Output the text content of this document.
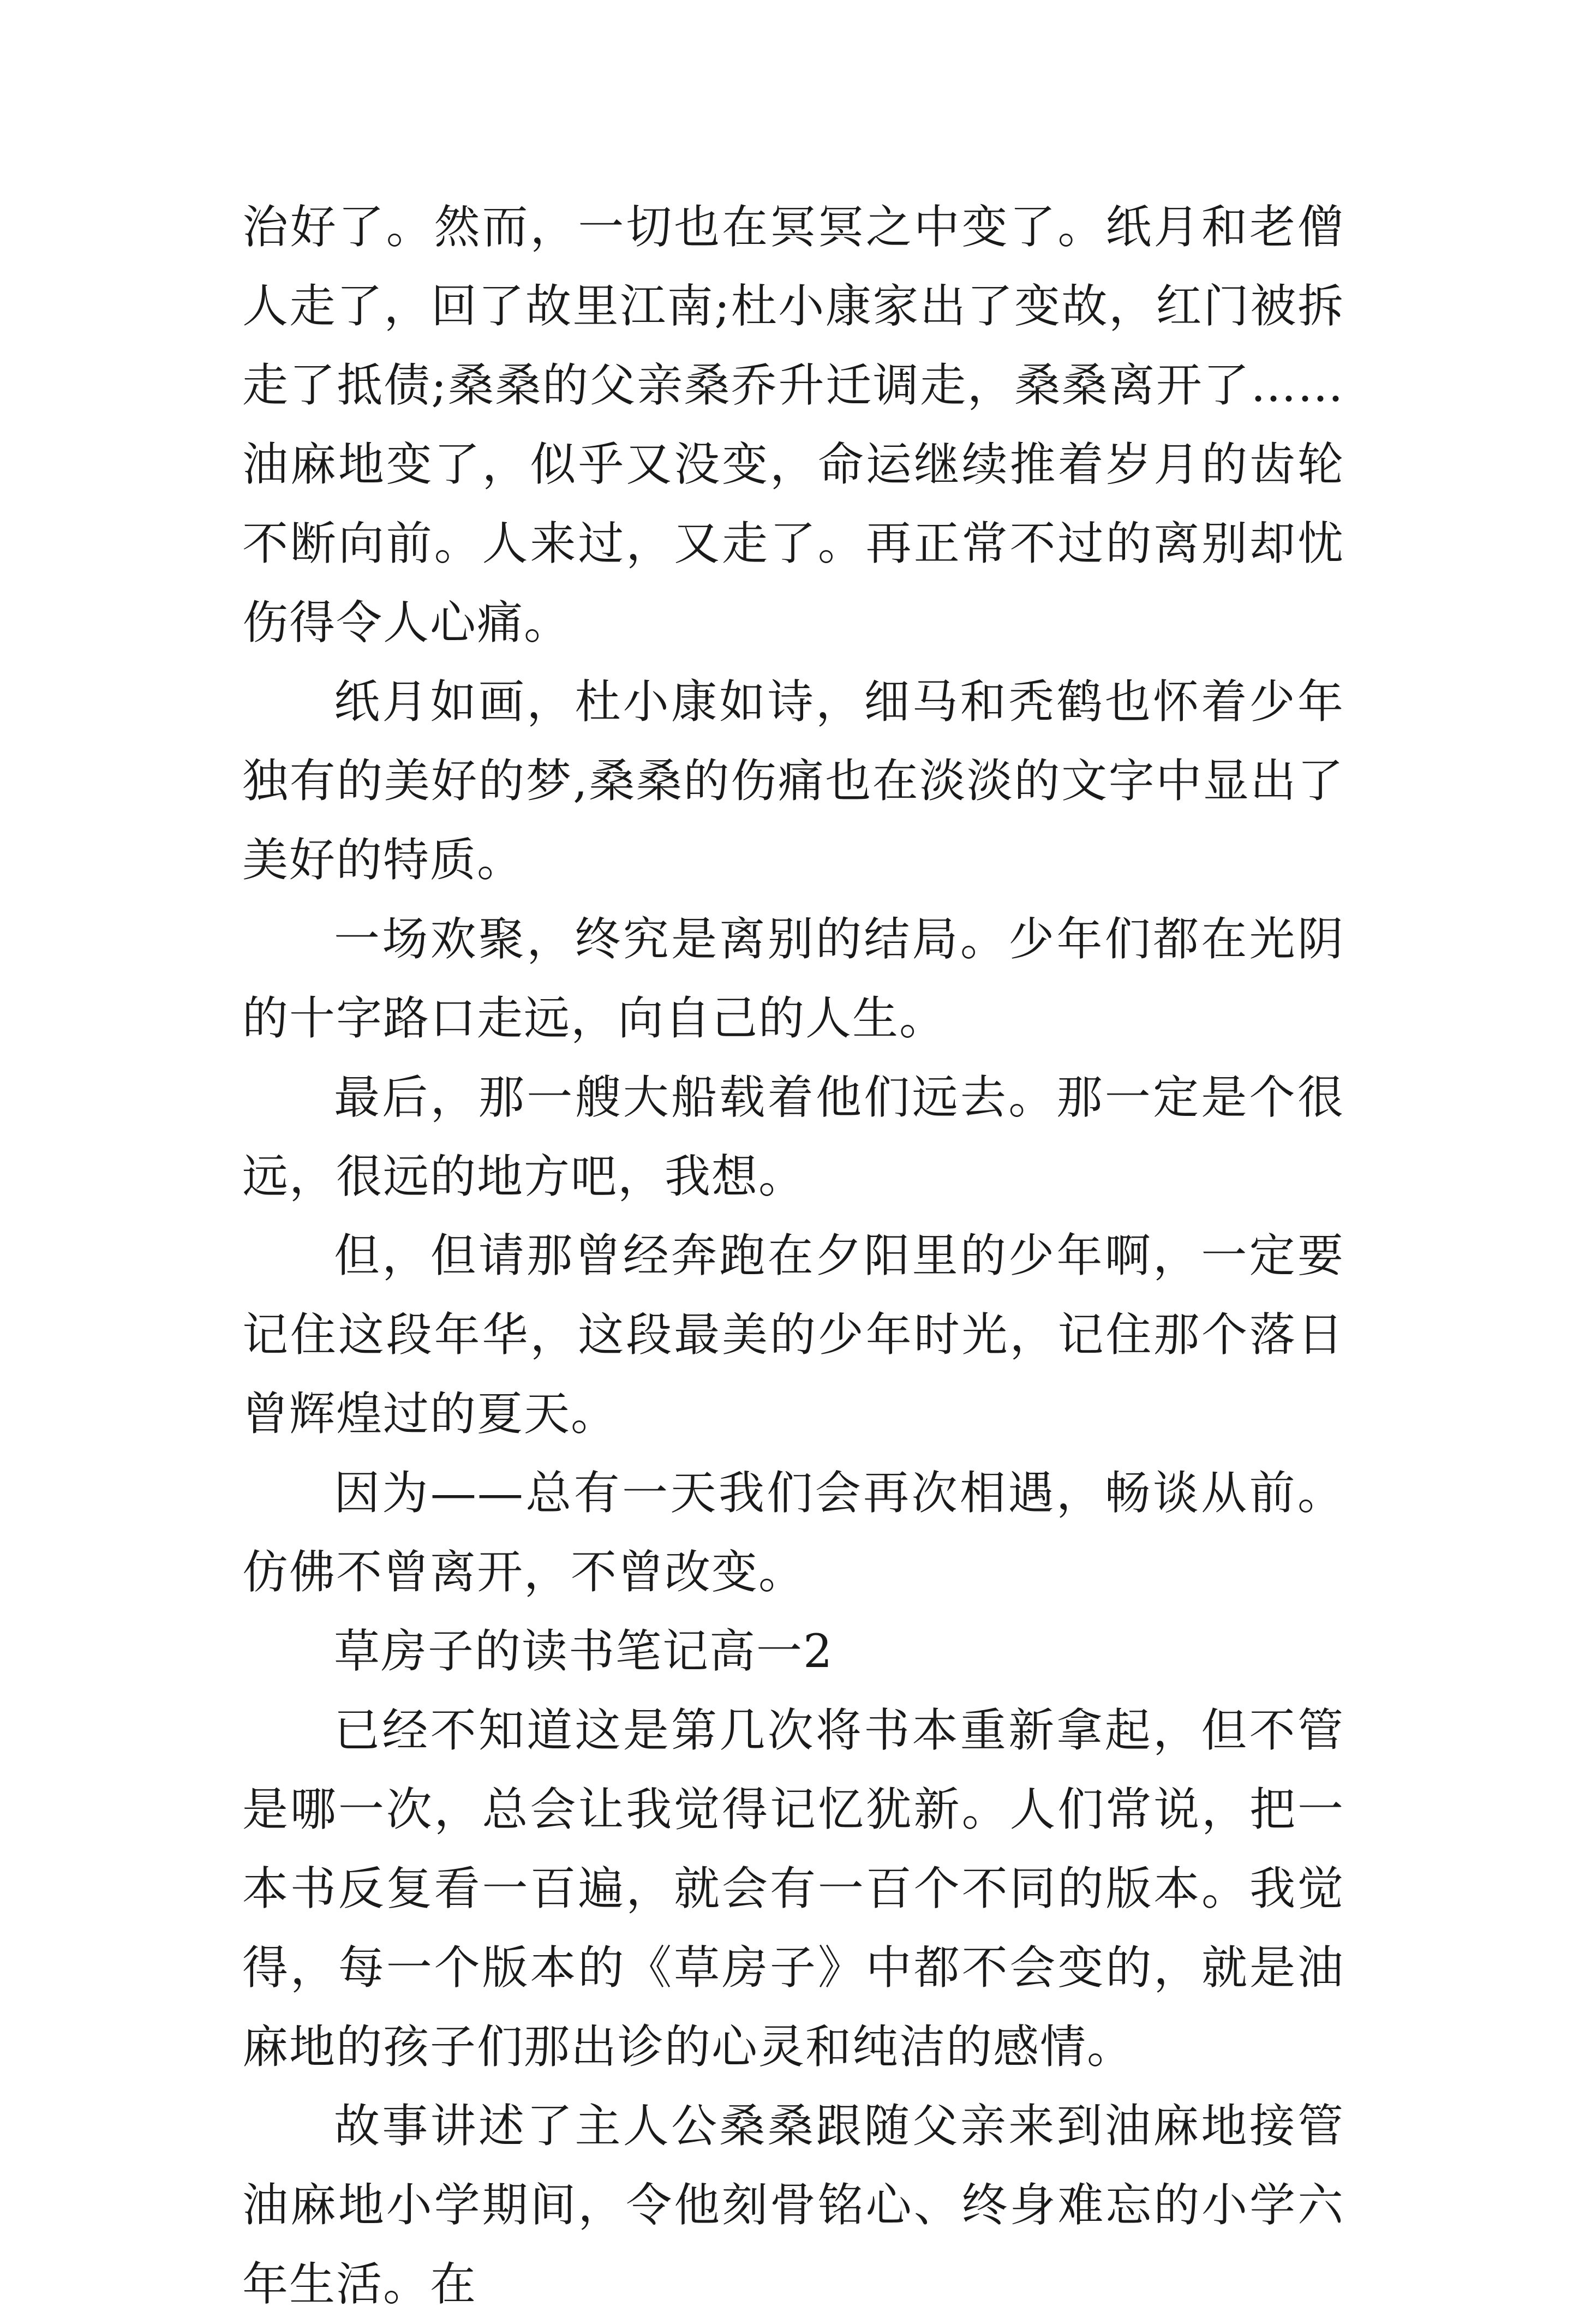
治好了。然而，一切也在冥冥之中变了。纸月和老僧人走了，回了故里江南;杜小康家出了变故，红门被拆走了抵债;桑桑的父亲桑乔升迁调走，桑桑离开了……油麻地变了，似乎又没变，命运继续推着岁月的齿轮不断向前。人来过，又走了。再正常不过的离别却忧伤得令人心痛。

纸月如画，杜小康如诗，细马和秃鹤也怀着少年独有的美好的梦,桑桑的伤痛也在淡淡的文字中显出了美好的特质。

一场欢聚，终究是离别的结局。少年们都在光阴的十字路口走远，向自己的人生。

最后，那一艘大船载着他们远去。那一定是个很远，很远的地方吧，我想。

但，但请那曾经奔跑在夕阳里的少年啊，一定要记住这段年华，这段最美的少年时光，记住那个落日曾辉煌过的夏天。

因为——总有一天我们会再次相遇，畅谈从前。仿佛不曾离开，不曾改变。

草房子的读书笔记高一2

已经不知道这是第几次将书本重新拿起，但不管是哪一次，总会让我觉得记忆犹新。人们常说，把一本书反复看一百遍，就会有一百个不同的版本。我觉得，每一个版本的《草房子》中都不会变的，就是油麻地的孩子们那出诊的心灵和纯洁的感情。

故事讲述了主人公桑桑跟随父亲来到油麻地接管油麻地小学期间，令他刻骨铭心、终身难忘的小学六年生活。在
